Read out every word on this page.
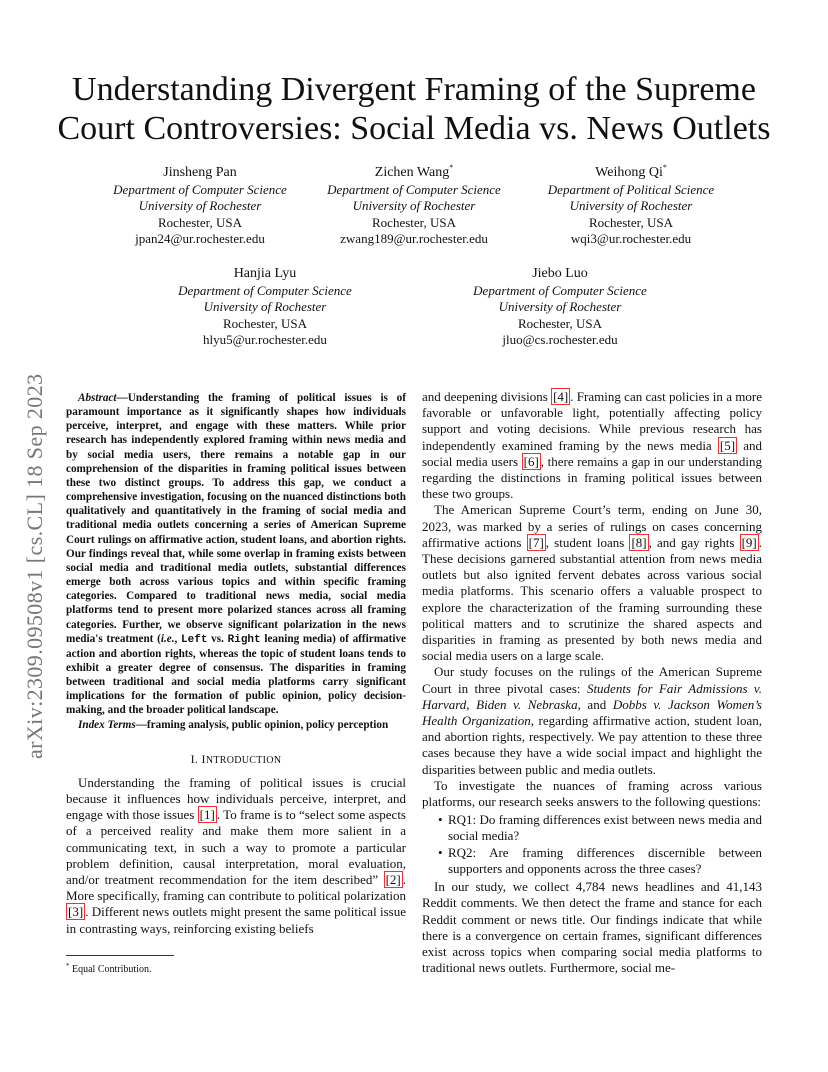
arXiv:2309.09508v1 [cs.CL] 18 Sep 2023
Understanding Divergent Framing of the Supreme
Court Controversies: Social Media vs. News Outlets
Jinsheng Pan
Department of Computer Science
University of Rochester
Rochester, USA
jpan24@ur.rochester.edu
Zichen Wang*
Department of Computer Science
University of Rochester
Rochester, USA
zwang189@ur.rochester.edu
Weihong Qi*
Department of Political Science
University of Rochester
Rochester, USA
wqi3@ur.rochester.edu
Hanjia Lyu
Department of Computer Science
University of Rochester
Rochester, USA
hlyu5@ur.rochester.edu
Jiebo Luo
Department of Computer Science
University of Rochester
Rochester, USA
jluo@cs.rochester.edu

Abstract—Understanding the framing of political issues is of paramount importance as it significantly shapes how individuals perceive, interpret, and engage with these matters. While prior research has independently explored framing within news media and by social media users, there remains a notable gap in our comprehension of the disparities in framing political issues between these two distinct groups. To address this gap, we conduct a comprehensive investigation, focusing on the nuanced distinctions both qualitatively and quantitatively in the framing of social media and traditional media outlets concerning a series of American Supreme Court rulings on affirmative action, student loans, and abortion rights. Our findings reveal that, while some overlap in framing exists between social media and traditional media outlets, substantial differences emerge both across various topics and within specific framing categories. Compared to traditional news media, social media platforms tend to present more polarized stances across all framing categories. Further, we observe significant polarization in the news media's treatment (i.e., Left vs. Right leaning media) of affirmative action and abortion rights, whereas the topic of student loans tends to exhibit a greater degree of consensus. The disparities in framing between traditional and social media platforms carry significant implications for the formation of public opinion, policy decision-making, and the broader political landscape.

Index Terms—framing analysis, public opinion, policy perception

I. INTRODUCTION

Understanding the framing of political issues is crucial because it influences how individuals perceive, interpret, and engage with those issues [1] . To frame is to “select some aspects of a perceived reality and make them more salient in a communicating text, in such a way to promote a particular problem definition, causal interpretation, moral evaluation, and/or treatment recommendation for the item described” [2] . More specifically, framing can contribute to political polarization [3] . Different news outlets might present the same political issue in contrasting ways, reinforcing existing beliefs

and deepening divisions [4] . Framing can cast policies in a more favorable or unfavorable light, potentially affecting policy support and voting decisions. While previous research has independently examined framing by the news media [5] and social media users [6] , there remains a gap in our understanding regarding the distinctions in framing political issues between these two groups.

The American Supreme Court’s term, ending on June 30, 2023, was marked by a series of rulings on cases concerning affirmative actions [7] , student loans [8] , and gay rights [9] . These decisions garnered substantial attention from news media outlets but also ignited fervent debates across various social media platforms. This scenario offers a valuable prospect to explore the characterization of the framing surrounding these political matters and to scrutinize the shared aspects and disparities in framing as presented by both news media and social media users on a large scale.

Our study focuses on the rulings of the American Supreme Court in three pivotal cases: Students for Fair Admissions v. Harvard, Biden v. Nebraska, and Dobbs v. Jackson Women’s Health Organization, regarding affirmative action, student loan, and abortion rights, respectively. We pay attention to these three cases because they have a wide social impact and highlight the disparities between public and media outlets.

To investigate the nuances of framing across various platforms, our research seeks answers to the following questions:

• RQ1: Do framing differences exist between news media and social media?
• RQ2: Are framing differences discernible between supporters and opponents across the three cases?

In our study, we collect 4,784 news headlines and 41,143 Reddit comments. We then detect the frame and stance for each Reddit comment or news title. Our findings indicate that while there is a convergence on certain frames, significant differences exist across topics when comparing social media platforms to traditional news outlets. Furthermore, social me-

* Equal Contribution.
